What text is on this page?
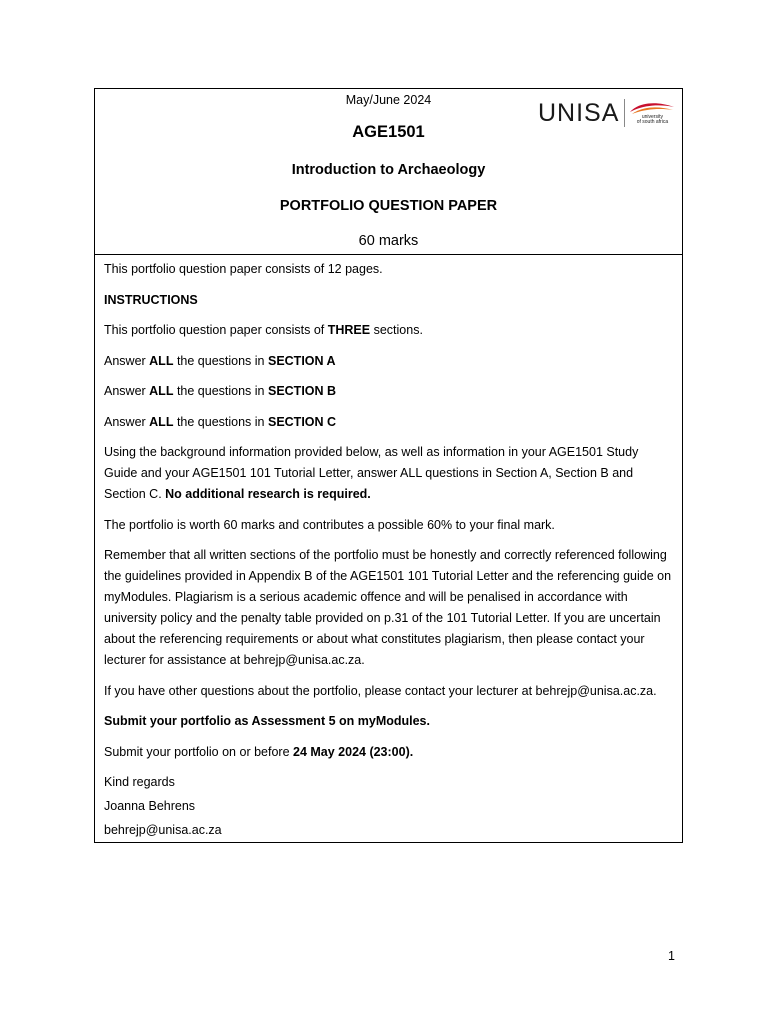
May/June 2024
AGE1501
Introduction to Archaeology
PORTFOLIO QUESTION PAPER
60 marks
UNISA	university
of south africa

This portfolio question paper consists of 12 pages.

INSTRUCTIONS

This portfolio question paper consists of THREE sections.

Answer ALL the questions in SECTION A

Answer ALL the questions in SECTION B

Answer ALL the questions in SECTION C

Using the background information provided below, as well as information in your AGE1501 Study Guide and your AGE1501 101 Tutorial Letter, answer ALL questions in Section A, Section B and Section C. No additional research is required.

The portfolio is worth 60 marks and contributes a possible 60% to your final mark.

Remember that all written sections of the portfolio must be honestly and correctly referenced following the guidelines provided in Appendix B of the AGE1501 101 Tutorial Letter and the referencing guide on myModules. Plagiarism is a serious academic offence and will be penalised in accordance with university policy and the penalty table provided on p.31 of the 101 Tutorial Letter. If you are uncertain about the referencing requirements or about what constitutes plagiarism, then please contact your lecturer for assistance at behrejp@unisa.ac.za.

If you have other questions about the portfolio, please contact your lecturer at behrejp@unisa.ac.za.

Submit your portfolio as Assessment 5 on myModules.

Submit your portfolio on or before 24 May 2024 (23:00).

Kind regards

Joanna Behrens

behrejp@unisa.ac.za

1
